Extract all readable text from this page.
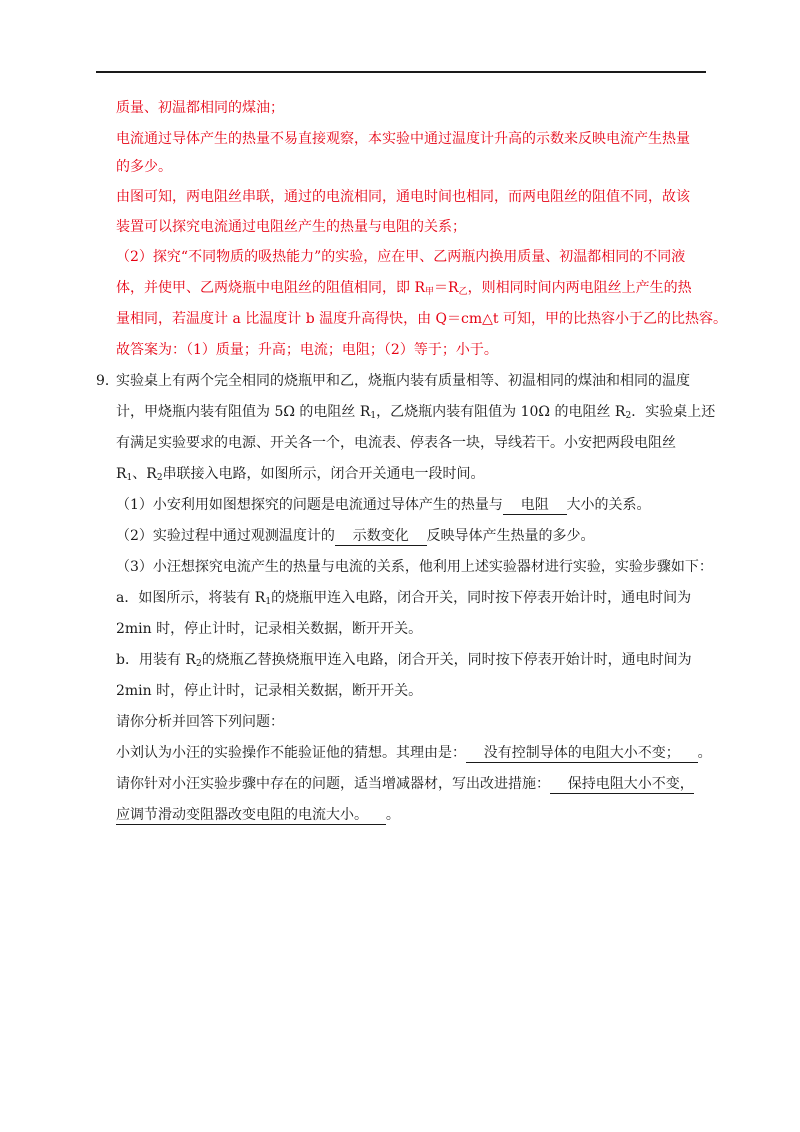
质量、初温都相同的煤油；
电流通过导体产生的热量不易直接观察，本实验中通过温度计升高的示数来反映电流产生热量
的多少。
由图可知，两电阻丝串联，通过的电流相同，通电时间也相同，而两电阻丝的阻值不同，故该
装置可以探究电流通过电阻丝产生的热量与电阻的关系；
（2）探究“不同物质的吸热能力”的实验，应在甲、乙两瓶内换用质量、初温都相同的不同液
体，并使甲、乙两烧瓶中电阻丝的阻值相同，即 $R_甲=R_乙$，则相同时间内两电阻丝上产生的热
量相同，若温度计 a 比温度计 b 温度升高得快，由 Q＝cm△t 可知，甲的比热容小于乙的比热容。
故答案为：（1）质量；升高；电流；电阻；（2）等于；小于。
9．
实验桌上有两个完全相同的烧瓶甲和乙，烧瓶内装有质量相等、初温相同的煤油和相同的温度
计，甲烧瓶内装有阻值为 5Ω 的电阻丝 $R_1$，乙烧瓶内装有阻值为 10Ω 的电阻丝 $R_2$．实验桌上还
有满足实验要求的电源、开关各一个，电流表、停表各一块，导线若干。小安把两段电阻丝
$R_1$、$R_2$串联接入电路，如图所示，闭合开关通电一段时间。
（1）小安利用如图想探究的问题是电流通过导体产生的热量与    电阻    大小的关系。
（2）实验过程中通过观测温度计的    示数变化    反映导体产生热量的多少。
（3）小汪想探究电流产生的热量与电流的关系，他利用上述实验器材进行实验，实验步骤如下：
a．如图所示，将装有 $R_1$的烧瓶甲连入电路，闭合开关，同时按下停表开始计时，通电时间为
2min 时，停止计时，记录相关数据，断开开关。
b．用装有 $R_2$的烧瓶乙替换烧瓶甲连入电路，闭合开关，同时按下停表开始计时，通电时间为
2min 时，停止计时，记录相关数据，断开开关。
请你分析并回答下列问题：
小刘认为小汪的实验操作不能验证他的猜想。其理由是：    没有控制导体的电阻大小不变；    。
请你针对小汪实验步骤中存在的问题，适当增减器材，写出改进措施：    保持电阻大小不变，
应调节滑动变阻器改变电阻的电流大小。    。
